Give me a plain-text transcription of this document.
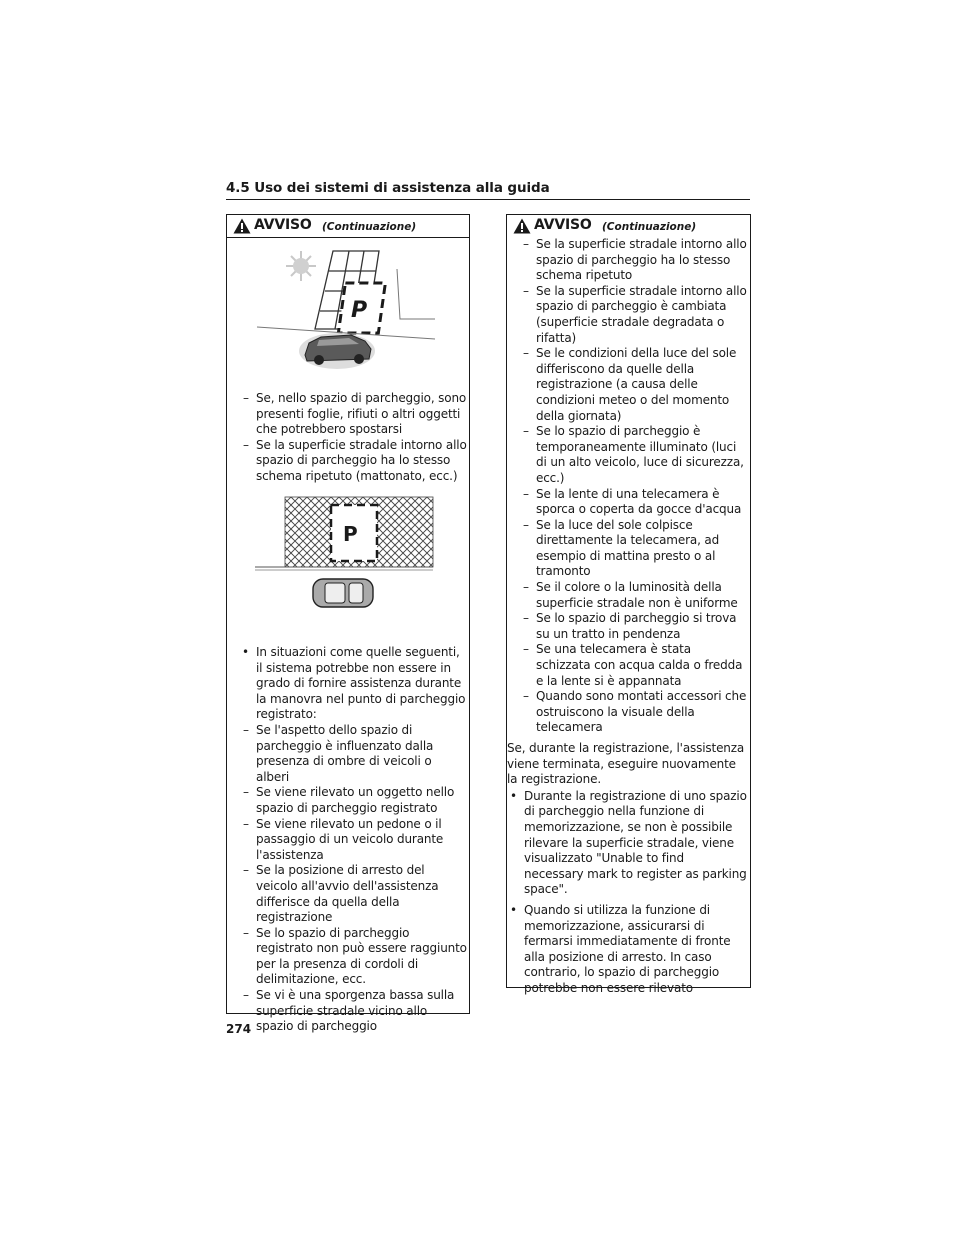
4.5 Uso dei sistemi di assistenza alla guida
AVVISO (Continuazione)
P
– Se, nello spazio di parcheggio, sono presenti foglie, rifiuti o altri oggetti che potrebbero spostarsi
– Se la superficie stradale intorno allo spazio di parcheggio ha lo stesso schema ripetuto (mattonato, ecc.)
P
• In situazioni come quelle seguenti, il sistema potrebbe non essere in grado di fornire assistenza durante la manovra nel punto di parcheggio registrato:
– Se l'aspetto dello spazio di parcheggio è influenzato dalla presenza di ombre di veicoli o alberi
– Se viene rilevato un oggetto nello spazio di parcheggio registrato
– Se viene rilevato un pedone o il passaggio di un veicolo durante l'assistenza
– Se la posizione di arresto del veicolo all'avvio dell'assistenza differisce da quella della registrazione
– Se lo spazio di parcheggio registrato non può essere raggiunto per la presenza di cordoli di delimitazione, ecc.
– Se vi è una sporgenza bassa sulla superficie stradale vicino allo spazio di parcheggio
AVVISO (Continuazione)
– Se la superficie stradale intorno allo spazio di parcheggio ha lo stesso schema ripetuto
– Se la superficie stradale intorno allo spazio di parcheggio è cambiata (superficie stradale degradata o rifatta)
– Se le condizioni della luce del sole differiscono da quelle della registrazione (a causa delle condizioni meteo o del momento della giornata)
– Se lo spazio di parcheggio è temporaneamente illuminato (luci di un alto veicolo, luce di sicurezza, ecc.)
– Se la lente di una telecamera è sporca o coperta da gocce d'acqua
– Se la luce del sole colpisce direttamente la telecamera, ad esempio di mattina presto o al tramonto
– Se il colore o la luminosità della superficie stradale non è uniforme
– Se lo spazio di parcheggio si trova su un tratto in pendenza
– Se una telecamera è stata schizzata con acqua calda o fredda e la lente si è appannata
– Quando sono montati accessori che ostruiscono la visuale della telecamera

Se, durante la registrazione, l'assistenza viene terminata, eseguire nuovamente la registrazione.

• Durante la registrazione di uno spazio di parcheggio nella funzione di memorizzazione, se non è possibile rilevare la superficie stradale, viene visualizzato "Unable to find necessary mark to register as parking space".
• Quando si utilizza la funzione di memorizzazione, assicurarsi di fermarsi immediatamente di fronte alla posizione di arresto. In caso contrario, lo spazio di parcheggio potrebbe non essere rilevato
274
